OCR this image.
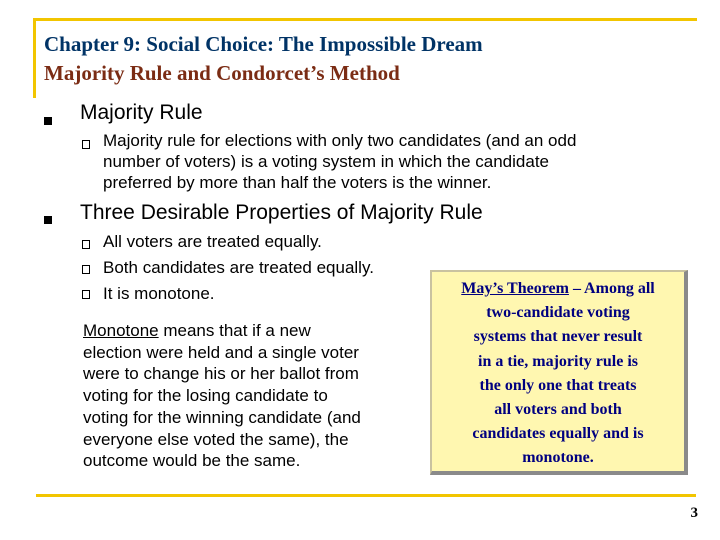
Chapter 9: Social Choice: The Impossible Dream
Majority Rule and Condorcet’s Method
Majority Rule
Majority rule for elections with only two candidates (and an odd
number of voters) is a voting system in which the candidate
preferred by more than half the voters is the winner.
Three Desirable Properties of Majority Rule
All voters are treated equally.
Both candidates are treated equally.
It is monotone.
Monotone means that if a new
election were held and a single voter
were to change his or her ballot from
voting for the losing candidate to
voting for the winning candidate (and
everyone else voted the same), the
outcome would be the same.
May’s Theorem – Among all
two-candidate voting
systems that never result
in a tie, majority rule is
the only one that treats
all voters and both
candidates equally and is
monotone.
3
